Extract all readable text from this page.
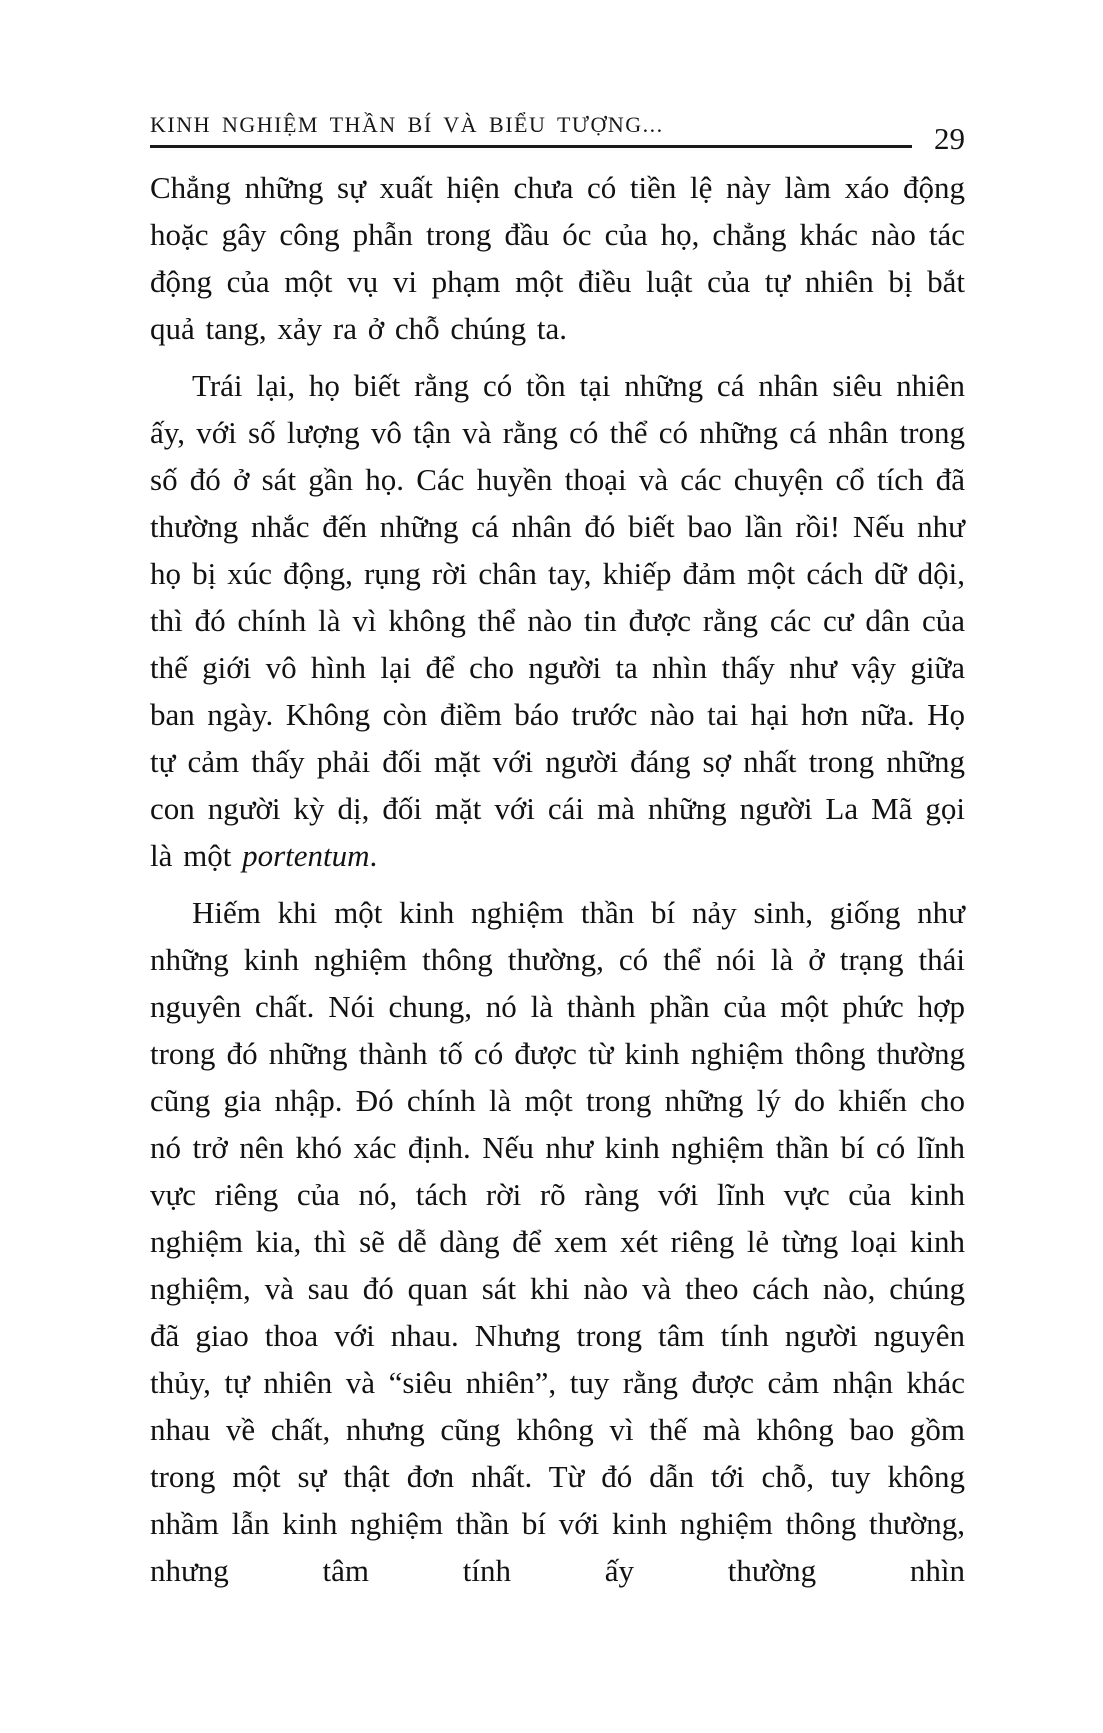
KINH NGHIỆM THẦN BÍ VÀ BIỂU TƯỢNG...	29

Chẳng những sự xuất hiện chưa có tiền lệ này làm xáo động hoặc gây công phẫn trong đầu óc của họ, chẳng khác nào tác động của một vụ vi phạm một điều luật của tự nhiên bị bắt quả tang, xảy ra ở chỗ chúng ta.

Trái lại, họ biết rằng có tồn tại những cá nhân siêu nhiên ấy, với số lượng vô tận và rằng có thể có những cá nhân trong số đó ở sát gần họ. Các huyền thoại và các chuyện cổ tích đã thường nhắc đến những cá nhân đó biết bao lần rồi! Nếu như họ bị xúc động, rụng rời chân tay, khiếp đảm một cách dữ dội, thì đó chính là vì không thể nào tin được rằng các cư dân của thế giới vô hình lại để cho người ta nhìn thấy như vậy giữa ban ngày. Không còn điềm báo trước nào tai hại hơn nữa. Họ tự cảm thấy phải đối mặt với người đáng sợ nhất trong những con người kỳ dị, đối mặt với cái mà những người La Mã gọi là một portentum.

Hiếm khi một kinh nghiệm thần bí nảy sinh, giống như những kinh nghiệm thông thường, có thể nói là ở trạng thái nguyên chất. Nói chung, nó là thành phần của một phức hợp trong đó những thành tố có được từ kinh nghiệm thông thường cũng gia nhập. Đó chính là một trong những lý do khiến cho nó trở nên khó xác định. Nếu như kinh nghiệm thần bí có lĩnh vực riêng của nó, tách rời rõ ràng với lĩnh vực của kinh nghiệm kia, thì sẽ dễ dàng để xem xét riêng lẻ từng loại kinh nghiệm, và sau đó quan sát khi nào và theo cách nào, chúng đã giao thoa với nhau. Nhưng trong tâm tính người nguyên thủy, tự nhiên và “siêu nhiên”, tuy rằng được cảm nhận khác nhau về chất, nhưng cũng không vì thế mà không bao gồm trong một sự thật đơn nhất. Từ đó dẫn tới chỗ, tuy không nhầm lẫn kinh nghiệm thần bí với kinh nghiệm thông thường, nhưng tâm tính ấy thường nhìn
